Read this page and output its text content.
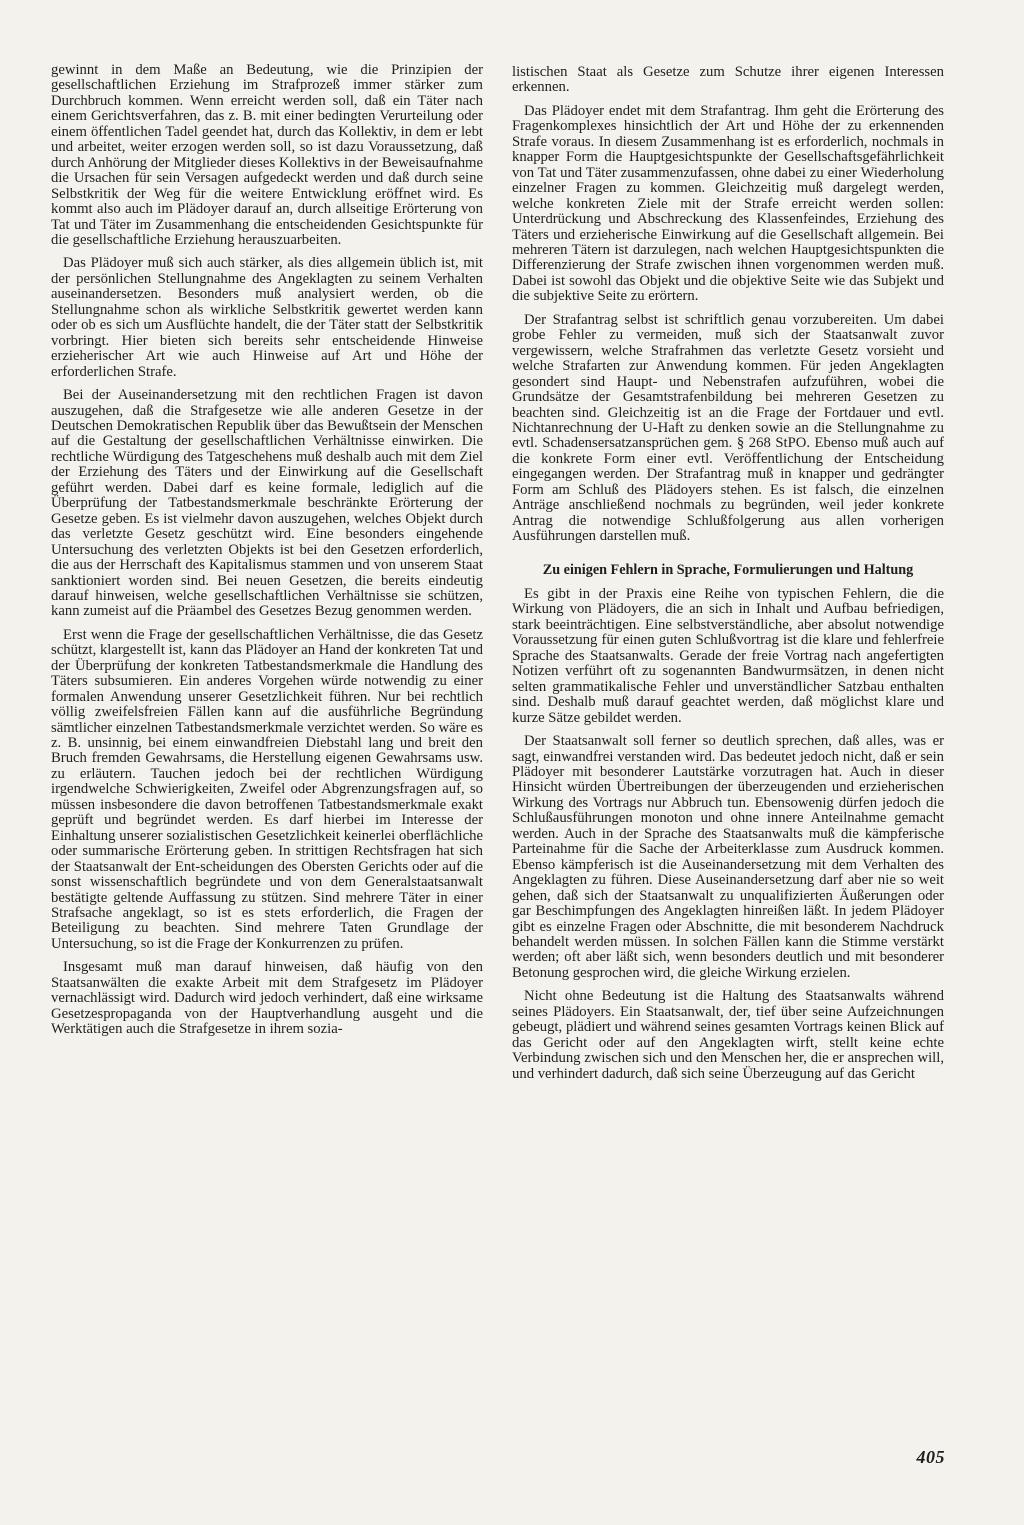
gewinnt in dem Maße an Bedeutung, wie die Prinzipien der gesellschaftlichen Erziehung im Strafprozeß immer stärker zum Durchbruch kommen. Wenn erreicht werden soll, daß ein Täter nach einem Gerichtsverfahren, das z. B. mit einer bedingten Verurteilung oder einem öffentlichen Tadel geendet hat, durch das Kollektiv, in dem er lebt und arbeitet, weiter erzogen werden soll, so ist dazu Voraussetzung, daß durch Anhörung der Mitglieder dieses Kollektivs in der Beweisaufnahme die Ursachen für sein Versagen aufgedeckt werden und daß durch seine Selbstkritik der Weg für die weitere Entwicklung eröffnet wird. Es kommt also auch im Plädoyer darauf an, durch allseitige Erörterung von Tat und Täter im Zusammenhang die entscheidenden Gesichtspunkte für die gesellschaftliche Erziehung herauszuarbeiten.

Das Plädoyer muß sich auch stärker, als dies allgemein üblich ist, mit der persönlichen Stellungnahme des Angeklagten zu seinem Verhalten auseinandersetzen. Besonders muß analysiert werden, ob die Stellungnahme schon als wirkliche Selbstkritik gewertet werden kann oder ob es sich um Ausflüchte handelt, die der Täter statt der Selbstkritik vorbringt. Hier bieten sich bereits sehr entscheidende Hinweise erzieherischer Art wie auch Hinweise auf Art und Höhe der erforderlichen Strafe.

Bei der Auseinandersetzung mit den rechtlichen Fragen ist davon auszugehen, daß die Strafgesetze wie alle anderen Gesetze in der Deutschen Demokratischen Republik über das Bewußtsein der Menschen auf die Gestaltung der gesellschaftlichen Verhältnisse einwirken. Die rechtliche Würdigung des Tatgeschehens muß deshalb auch mit dem Ziel der Erziehung des Täters und der Einwirkung auf die Gesellschaft geführt werden. Dabei darf es keine formale, lediglich auf die Überprüfung der Tatbestandsmerkmale beschränkte Erörterung der Gesetze geben. Es ist vielmehr davon auszugehen, welches Objekt durch das verletzte Gesetz geschützt wird. Eine besonders eingehende Untersuchung des verletzten Objekts ist bei den Gesetzen erforderlich, die aus der Herrschaft des Kapitalismus stammen und von unserem Staat sanktioniert worden sind. Bei neuen Gesetzen, die bereits eindeutig darauf hinweisen, welche gesellschaftlichen Verhältnisse sie schützen, kann zumeist auf die Präambel des Gesetzes Bezug genommen werden.

Erst wenn die Frage der gesellschaftlichen Verhältnisse, die das Gesetz schützt, klargestellt ist, kann das Plädoyer an Hand der konkreten Tat und der Überprüfung der konkreten Tatbestandsmerkmale die Handlung des Täters subsumieren. Ein anderes Vorgehen würde notwendig zu einer formalen Anwendung unserer Gesetzlichkeit führen. Nur bei rechtlich völlig zweifelsfreien Fällen kann auf die ausführliche Begründung sämtlicher einzelnen Tatbestandsmerkmale verzichtet werden. So wäre es z. B. unsinnig, bei einem einwandfreien Diebstahl lang und breit den Bruch fremden Gewahrsams, die Herstellung eigenen Gewahrsams usw. zu erläutern. Tauchen jedoch bei der rechtlichen Würdigung irgendwelche Schwierigkeiten, Zweifel oder Abgrenzungsfragen auf, so müssen insbesondere die davon betroffenen Tatbestandsmerkmale exakt geprüft und begründet werden. Es darf hierbei im Interesse der Einhaltung unserer sozialistischen Gesetzlichkeit keinerlei oberflächliche oder summarische Erörterung geben. In strittigen Rechtsfragen hat sich der Staatsanwalt der Ent-scheidungen des Obersten Gerichts oder auf die sonst wissenschaftlich begründete und von dem Generalstaatsanwalt bestätigte geltende Auffassung zu stützen. Sind mehrere Täter in einer Strafsache angeklagt, so ist es stets erforderlich, die Fragen der Beteiligung zu beachten. Sind mehrere Taten Grundlage der Untersuchung, so ist die Frage der Konkurrenzen zu prüfen.

Insgesamt muß man darauf hinweisen, daß häufig von den Staatsanwälten die exakte Arbeit mit dem Strafgesetz im Plädoyer vernachlässigt wird. Dadurch wird jedoch verhindert, daß eine wirksame Gesetzespropaganda von der Hauptverhandlung ausgeht und die Werktätigen auch die Strafgesetze in ihrem sozia-

listischen Staat als Gesetze zum Schutze ihrer eigenen Interessen erkennen.

Das Plädoyer endet mit dem Strafantrag. Ihm geht die Erörterung des Fragenkomplexes hinsichtlich der Art und Höhe der zu erkennenden Strafe voraus. In diesem Zusammenhang ist es erforderlich, nochmals in knapper Form die Hauptgesichtspunkte der Gesellschaftsgefährlichkeit von Tat und Täter zusammenzufassen, ohne dabei zu einer Wiederholung einzelner Fragen zu kommen. Gleichzeitig muß dargelegt werden, welche konkreten Ziele mit der Strafe erreicht werden sollen: Unterdrückung und Abschreckung des Klassenfeindes, Erziehung des Täters und erzieherische Einwirkung auf die Gesellschaft allgemein. Bei mehreren Tätern ist darzulegen, nach welchen Hauptgesichtspunkten die Differenzierung der Strafe zwischen ihnen vorgenommen werden muß. Dabei ist sowohl das Objekt und die objektive Seite wie das Subjekt und die subjektive Seite zu erörtern.

Der Strafantrag selbst ist schriftlich genau vorzubereiten. Um dabei grobe Fehler zu vermeiden, muß sich der Staatsanwalt zuvor vergewissern, welche Strafrahmen das verletzte Gesetz vorsieht und welche Strafarten zur Anwendung kommen. Für jeden Angeklagten gesondert sind Haupt- und Nebenstrafen aufzuführen, wobei die Grundsätze der Gesamtstrafenbildung bei mehreren Gesetzen zu beachten sind. Gleichzeitig ist an die Frage der Fortdauer und evtl. Nichtanrechnung der U-Haft zu denken sowie an die Stellungnahme zu evtl. Schadensersatzansprüchen gem. § 268 StPO. Ebenso muß auch auf die konkrete Form einer evtl. Veröffentlichung der Entscheidung eingegangen werden. Der Strafantrag muß in knapper und gedrängter Form am Schluß des Plädoyers stehen. Es ist falsch, die einzelnen Anträge anschließend nochmals zu begründen, weil jeder konkrete Antrag die notwendige Schlußfolgerung aus allen vorherigen Ausführungen darstellen muß.

Zu einigen Fehlern in Sprache, Formulierungen und Haltung

Es gibt in der Praxis eine Reihe von typischen Fehlern, die die Wirkung von Plädoyers, die an sich in Inhalt und Aufbau befriedigen, stark beeinträchtigen. Eine selbstverständliche, aber absolut notwendige Voraussetzung für einen guten Schlußvortrag ist die klare und fehlerfreie Sprache des Staatsanwalts. Gerade der freie Vortrag nach angefertigten Notizen verführt oft zu sogenannten Bandwurmsätzen, in denen nicht selten grammatikalische Fehler und unverständlicher Satzbau enthalten sind. Deshalb muß darauf geachtet werden, daß möglichst klare und kurze Sätze gebildet werden.

Der Staatsanwalt soll ferner so deutlich sprechen, daß alles, was er sagt, einwandfrei verstanden wird. Das bedeutet jedoch nicht, daß er sein Plädoyer mit besonderer Lautstärke vorzutragen hat. Auch in dieser Hinsicht würden Übertreibungen der überzeugenden und erzieherischen Wirkung des Vortrags nur Abbruch tun. Ebensowenig dürfen jedoch die Schlußausführungen monoton und ohne innere Anteilnahme gemacht werden. Auch in der Sprache des Staatsanwalts muß die kämpferische Parteinahme für die Sache der Arbeiterklasse zum Ausdruck kommen. Ebenso kämpferisch ist die Auseinandersetzung mit dem Verhalten des Angeklagten zu führen. Diese Auseinandersetzung darf aber nie so weit gehen, daß sich der Staatsanwalt zu unqualifizierten Äußerungen oder gar Beschimpfungen des Angeklagten hinreißen läßt. In jedem Plädoyer gibt es einzelne Fragen oder Abschnitte, die mit besonderem Nachdruck behandelt werden müssen. In solchen Fällen kann die Stimme verstärkt werden; oft aber läßt sich, wenn besonders deutlich und mit besonderer Betonung gesprochen wird, die gleiche Wirkung erzielen.

Nicht ohne Bedeutung ist die Haltung des Staatsanwalts während seines Plädoyers. Ein Staatsanwalt, der, tief über seine Aufzeichnungen gebeugt, plädiert und während seines gesamten Vortrags keinen Blick auf das Gericht oder auf den Angeklagten wirft, stellt keine echte Verbindung zwischen sich und den Menschen her, die er ansprechen will, und verhindert dadurch, daß sich seine Überzeugung auf das Gericht

405
